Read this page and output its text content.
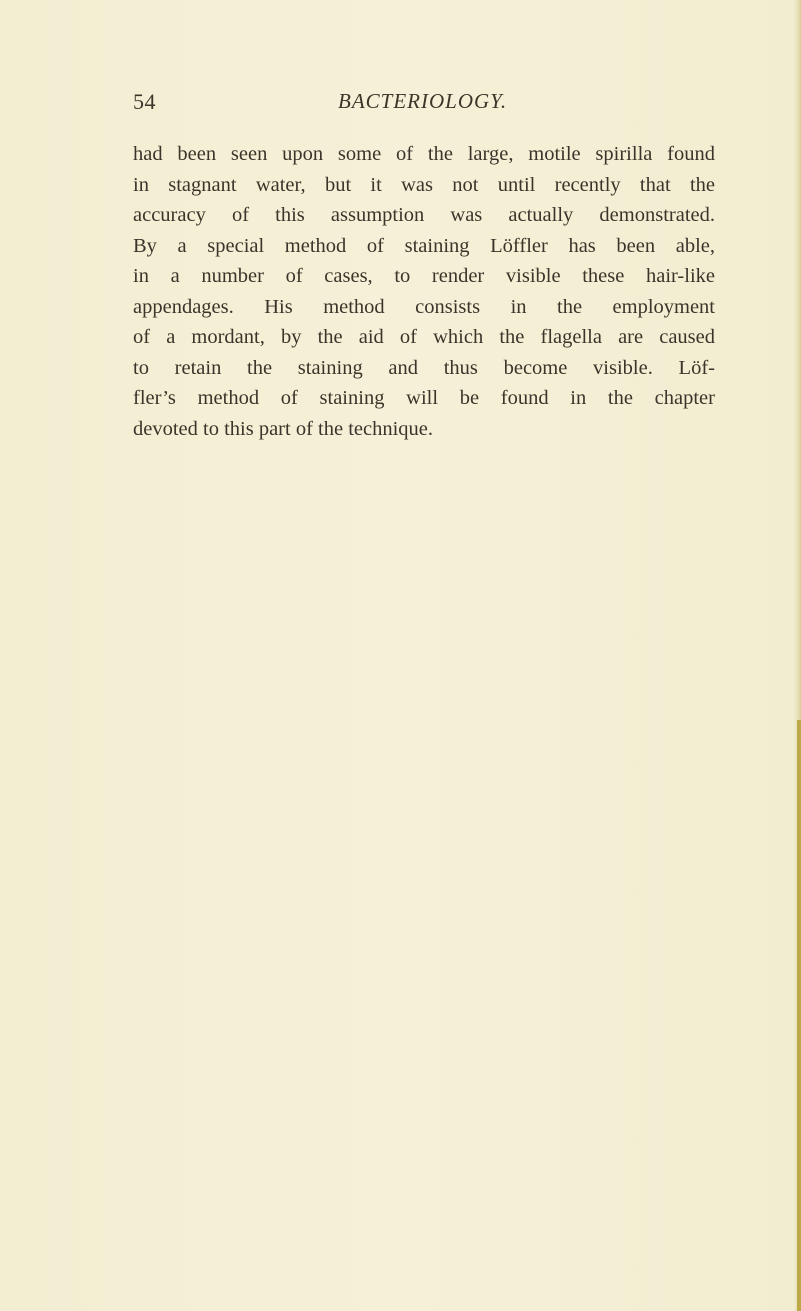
54	BACTERIOLOGY.
had been seen upon some of the large, motile spirilla found
in stagnant water, but it was not until recently that the
accuracy of this assumption was actually demonstrated.
By a special method of staining Löffler has been able,
in a number of cases, to render visible these hair-like
appendages. His method consists in the employment
of a mordant, by the aid of which the flagella are caused
to retain the staining and thus become visible. Löf-
fler’s method of staining will be found in the chapter
devoted to this part of the technique.
